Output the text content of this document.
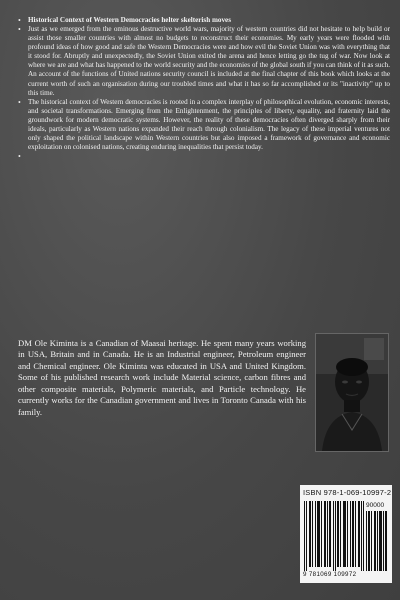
• Historical Context of Western Democracies helter skelterish moves
• Just as we emerged from the ominous destructive world wars, majority of western countries did not hesitate to help build or assist those smaller countries with almost no budgets to reconstruct their economies. My early years were flooded with profound ideas of how good and safe the Western Democracies were and how evil the Soviet Union was with everything that it stood for. Abruptly and unexpectedly, the Soviet Union exited the arena and hence letting go the tug of war. Now look at where we are and what has happened to the world security and the economies of the global south if you can think of it as such. An account of the functions of United nations security council is included at the final chapter of this book which looks at the current worth of such an organisation during our troubled times and what it has so far accomplished or its "inactivity" up to this time.
• The historical context of Western democracies is rooted in a complex interplay of philosophical evolution, economic interests, and societal transformations. Emerging from the Enlightenment, the principles of liberty, equality, and fraternity laid the groundwork for modern democratic systems. However, the reality of these democracies often diverged sharply from their ideals, particularly as Western nations expanded their reach through colonialism. The legacy of these imperial ventures not only shaped the political landscape within Western countries but also imposed a framework of governance and economic exploitation on colonised nations, creating enduring inequalities that persist today.
•

DM Ole Kiminta is a Canadian of Maasai heritage. He spent many years working in USA, Britain and in Canada. He is an Industrial engineer, Petroleum engineer and Chemical engineer. Ole Kiminta was educated in USA and United Kingdom. Some of his published research work include Material science, carbon fibres and other composite materials, Polymeric materials, and Particle technology. He currently works for the Canadian government and lives in Toronto Canada with his family.

ISBN 978-1-069-10997-2
90000
9 781069 109972
